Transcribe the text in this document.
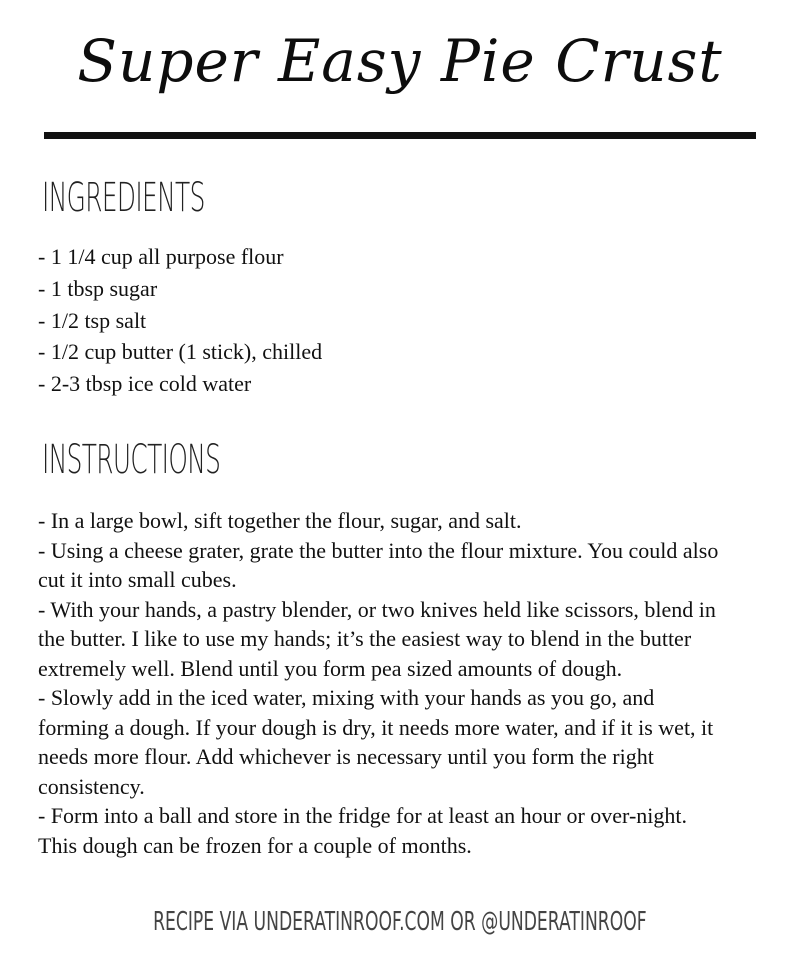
Super Easy Pie Crust
INGREDIENTS
- 1 1/4 cup all purpose flour
- 1 tbsp sugar
- 1/2 tsp salt
- 1/2 cup butter (1 stick), chilled
- 2-3 tbsp ice cold water
INSTRUCTIONS
- In a large bowl, sift together the flour, sugar, and salt.
- Using a cheese grater, grate the butter into the flour mixture. You could also cut it into small cubes.
- With your hands, a pastry blender, or two knives held like scissors, blend in the butter. I like to use my hands; it’s the easiest way to blend in the butter extremely well. Blend until you form pea sized amounts of dough.
- Slowly add in the iced water, mixing with your hands as you go, and forming a dough. If your dough is dry, it needs more water, and if it is wet, it needs more flour. Add whichever is necessary until you form the right consistency.
- Form into a ball and store in the fridge for at least an hour or over-night. This dough can be frozen for a couple of months.
RECIPE VIA UNDERATINROOF.COM OR @UNDERATINROOF
